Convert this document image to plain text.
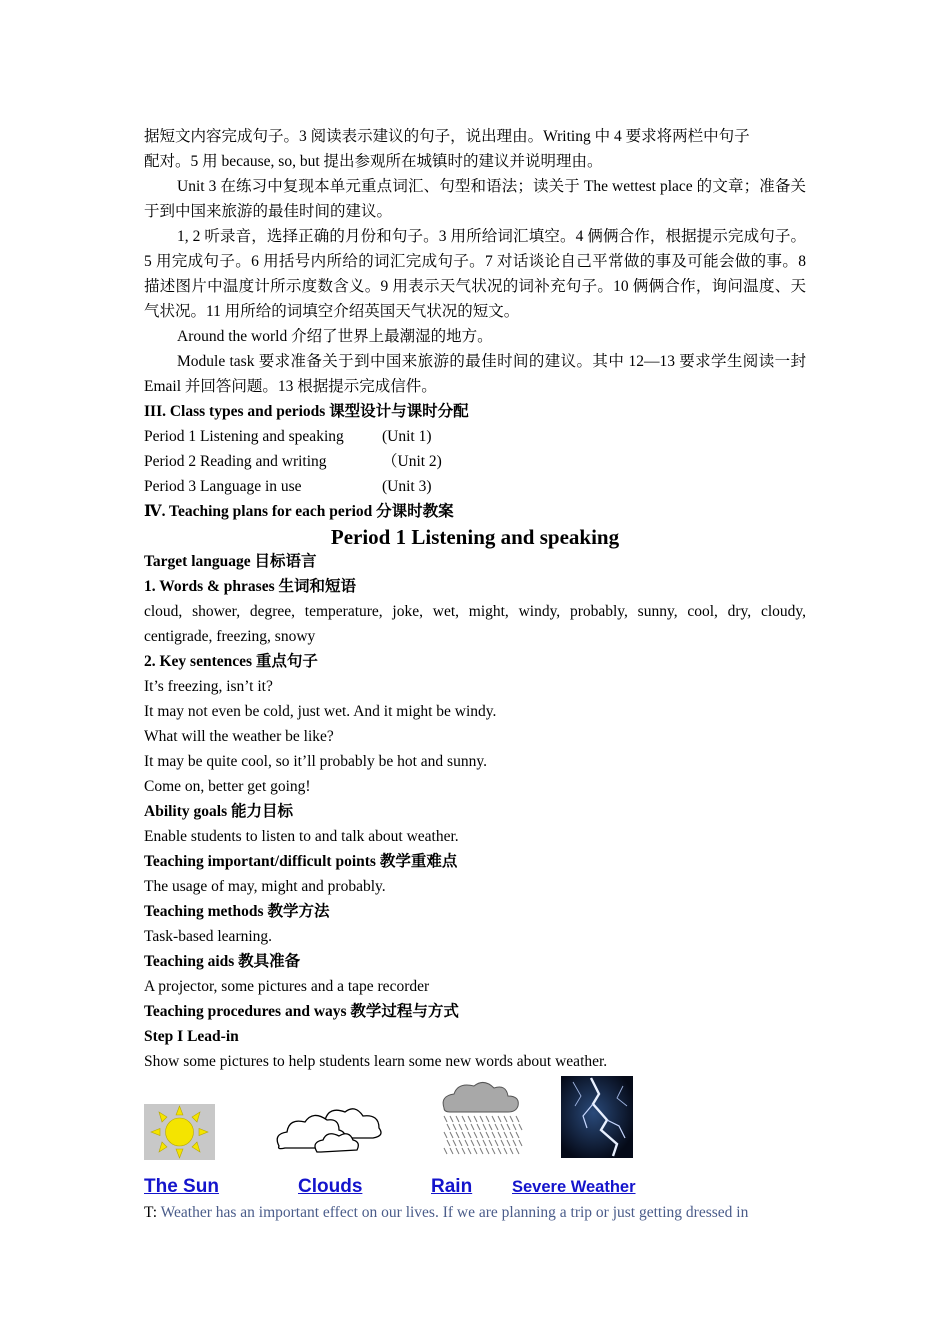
据短文内容完成句子。3 阅读表示建议的句子，说出理由。Writing 中 4 要求将两栏中句子
配对。5 用 because, so, but 提出参观所在城镇时的建议并说明理由。
Unit 3 在练习中复现本单元重点词汇、句型和语法；读关于 The wettest place 的文章；准备关于到中国来旅游的最佳时间的建议。
1, 2 听录音，选择正确的月份和句子。3 用所给词汇填空。4 俩俩合作，根据提示完成句子。5 用完成句子。6 用括号内所给的词汇完成句子。7 对话谈论自己平常做的事及可能会做的事。8 描述图片中温度计所示度数含义。9 用表示天气状况的词补充句子。10 俩俩合作，询问温度、天气状况。11 用所给的词填空介绍英国天气状况的短文。
Around the world 介绍了世界上最潮湿的地方。
Module task 要求准备关于到中国来旅游的最佳时间的建议。其中 12—13 要求学生阅读一封 Email 并回答问题。13 根据提示完成信件。
III. Class types and periods 课型设计与课时分配
Period 1 Listening and speaking	(Unit 1)
Period 2 Reading and writing	（Unit 2)
Period 3 Language in use	(Unit 3)
Ⅳ. Teaching plans for each period 分课时教案
Period 1 Listening and speaking
Target language 目标语言
1. Words & phrases 生词和短语
cloud, shower, degree, temperature, joke, wet, might, windy, probably, sunny, cool, dry, cloudy, centigrade, freezing, snowy
2. Key sentences 重点句子
It’s freezing, isn’t it?
It may not even be cold, just wet. And it might be windy.
What will the weather be like?
It may be quite cool, so it’ll probably be hot and sunny.
Come on, better get going!
Ability goals 能力目标
Enable students to listen to and talk about weather.
Teaching important/difficult points 教学重难点
The usage of may, might and probably.
Teaching methods 教学方法
Task-based learning.
Teaching aids 教具准备
A projector, some pictures and a tape recorder
Teaching procedures and ways 教学过程与方式
Step I Lead-in
Show some pictures to help students learn some new words about weather.
The Sun	Clouds	Rain Severe Weather
T: Weather has an important effect on our lives. If we are planning a trip or just getting dressed in
